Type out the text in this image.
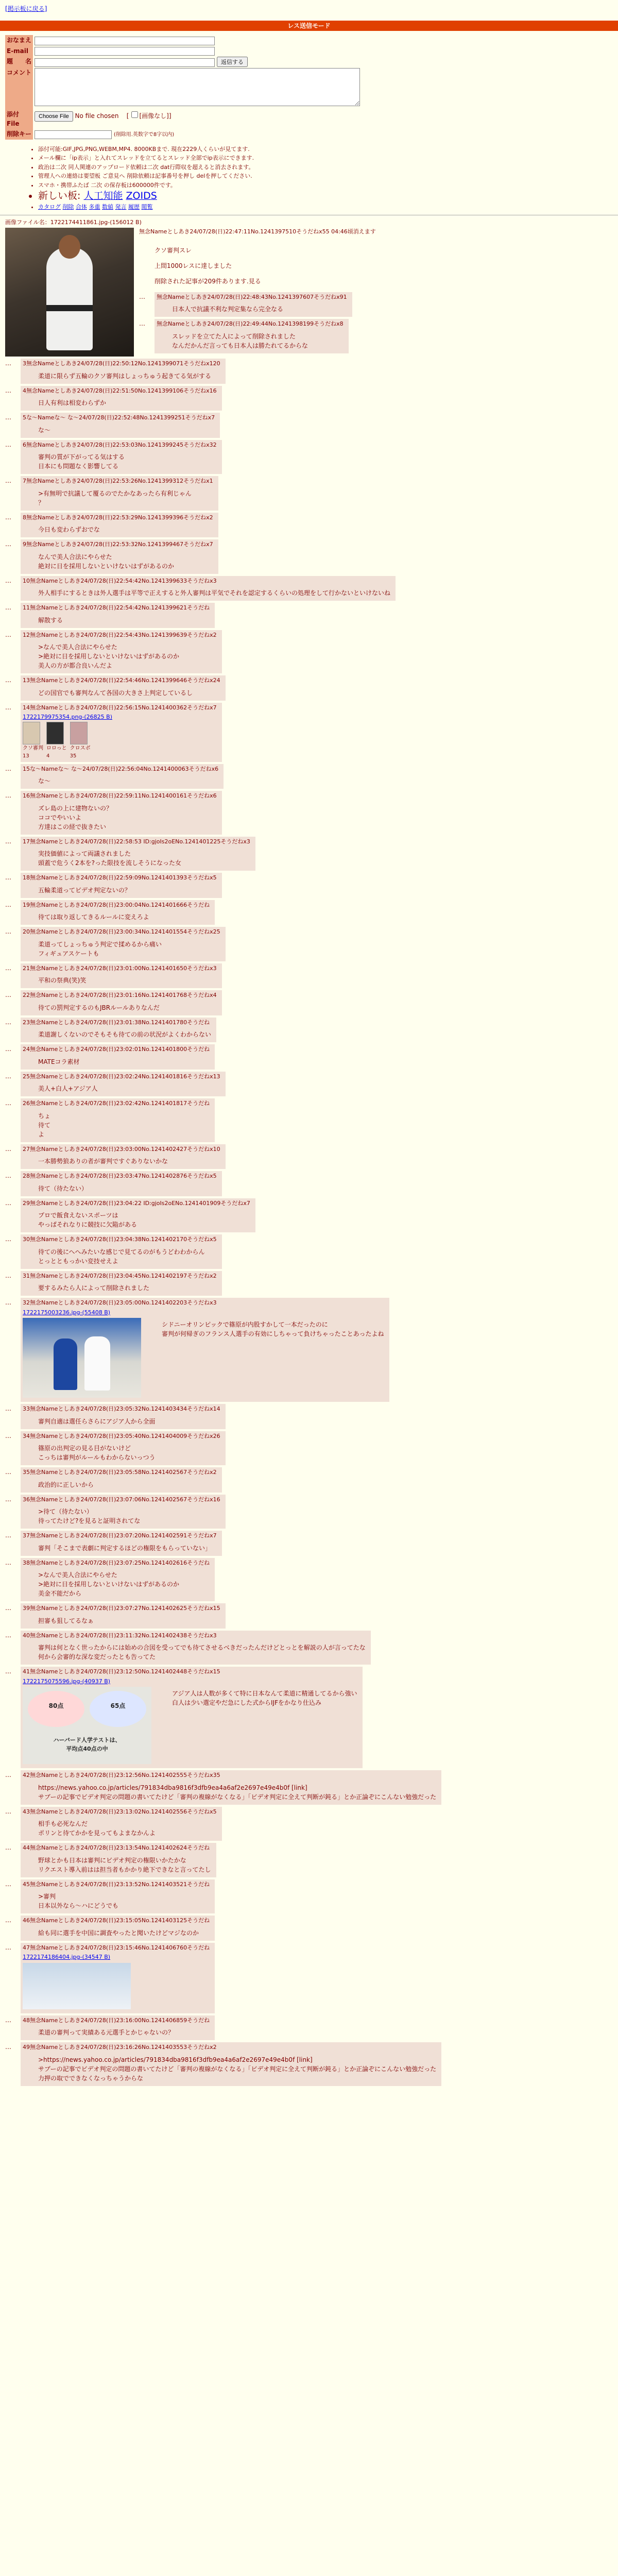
[掲示板に戻る]
レス送信モード
おなまえ	
E-mail	
題　　名	返信する
コメント	
添付File	Choose File No file chosen    [ [画像なし]]
削除キー	(削除用.英数字で8字以内)
• 添付可能:GIF,JPG,PNG,WEBM,MP4. 8000KBまで. 現在2229人くらいが見てます.
• メール欄に「ip表示」と入れてスレッドを立てるとスレッド全部でip表示にできます.
• 政治は二次 同人関連のアップロード依頼は二次 dat行際収を超えると消去されます。
• 管理人への連絡は要望板 ご意見へ 削除依頼は記事番号を押し delを押してください.
• スマホ・携帯ふたば 二次 の保存板は600000件です。
• 新しい板: 人工知能 ZOIDS
• カタログ 削除 合体 多重 数値 発言 履歴 閲覧
画像ファイル名：1722174411861.jpg-(156012 B)
無念Nameとしあき24/07/28(日)22:47:11No.1241397510そうだねx55 04:46頃消えます

クソ審判スレ

上間1000レスに達しました

削除された記事が209件あります.見る

…	無念Nameとしあき24/07/28(日)22:48:43No.1241397607そうだねx91
日本人で抗議不利な判定集なら完全なる
…	無念Nameとしあき24/07/28(日)22:49:44No.1241398199そうだねx8
スレッドを立てた人によって削除されました
なんだかんだ言っても日本人は勝たれてるからな
…	3無念Nameとしあき24/07/28(日)22:50:12No.1241399071そうだねx120
柔道に限らず五輪のクソ審判はしょっちゅう起きてる気がする
…	4無念Nameとしあき24/07/28(日)22:51:50No.1241399106そうだねx16
日人有利は相変わらずか
…	5な〜Nameな〜 な〜24/07/28(日)22:52:48No.1241399251そうだねx7
な〜
…	6無念Nameとしあき24/07/28(日)22:53:03No.1241399245そうだねx32
審判の質が下がってる気はする
日本にも問題なく影響してる
…	7無念Nameとしあき24/07/28(日)22:53:26No.1241399312そうだねx1
>有無明で抗議して覆るのでたかなあったら有利じゃん
？
…	8無念Nameとしあき24/07/28(日)22:53:29No.1241399396そうだねx2
今日も変わらずおでな
…	9無念Nameとしあき24/07/28(日)22:53:32No.1241399467そうだねx7
なんで美人合法にやらせた
絶対に日を採用しないといけないはずがあるのか
…	10無念Nameとしあき24/07/28(日)22:54:42No.1241399633そうだねx3
外人相手にするときは外人選手は平等で正えすると外人審判は平気でそれを認定するくらいの処理をして行かないといけないね
…	11無念Nameとしあき24/07/28(日)22:54:42No.1241399621そうだね
解散する
…	12無念Nameとしあき24/07/28(日)22:54:43No.1241399639そうだねx2
>なんで美人合法にやらせた
>絶対に日を採用しないといけないはずがあるのか
美人の方が都合良いんだよ
…	13無念Nameとしあき24/07/28(日)22:54:46No.1241399646そうだねx24
どの国官でも審判なんて各国の大きさ上判定しているし
…	14無念Nameとしあき24/07/28(日)22:56:15No.1241400362そうだねx7
1722179975354.png-(26825 B)
クソ審判
13
ロロっと
4
クロスボ
35
…	15な〜Nameな〜 な〜24/07/28(日)22:56:04No.1241400063そうだねx6
な〜
…	16無念Nameとしあき24/07/28(日)22:59:11No.1241400161そうだねx6
ズレ島の上に建物ないの？
ココでやいいよ
方達はこの経で抜きたい
…	17無念Nameとしあき24/07/28(日)22:58:53 ID:gjoIs2oENo.1241401225そうだねx3
実技価値によって両議されました
頭蓋で危うく2本を?った限技を流しそうになった女
…	18無念Nameとしあき24/07/28(日)22:59:09No.1241401393そうだねx5
五輪柔道ってビデオ判定ないの？
…	19無念Nameとしあき24/07/28(日)23:00:04No.1241401666そうだね
待ては取り返してきるルールに変えろよ
…	20無念Nameとしあき24/07/28(日)23:00:34No.1241401554そうだねx25
柔道ってしょっちゅう判定で揉めるから痛い
フィギュアスケートも
…	21無念Nameとしあき24/07/28(日)23:01:00No.1241401650そうだねx3
平和の祭典(笑)笑
…	22無念Nameとしあき24/07/28(日)23:01:16No.1241401768そうだねx4
待ての罰判定するのもJBRルールありなんだ
…	23無念Nameとしあき24/07/28(日)23:01:38No.1241401780そうだね
柔道謝しくないのでそもそも待ての前の状況がよくわからない
…	24無念Nameとしあき24/07/28(日)23:02:01No.1241401800そうだね
MATEコラ素材
…	25無念Nameとしあき24/07/28(日)23:02:24No.1241401816そうだねx13
美人+白人+アジア人
…	26無念Nameとしあき24/07/28(日)23:02:42No.1241401817そうだね
ちょ
待て
よ
…	27無念Nameとしあき24/07/28(日)23:03:00No.1241402427そうだねx10
一本勝勢狼ありの者が審判ですぐありないかな
…	28無念Nameとしあき24/07/28(日)23:03:47No.1241402876そうだねx5
待て（待たない）
…	29無念Nameとしあき24/07/28(日)23:04:22 ID:gjoIs2oENo.1241401909そうだねx7
プロで飯食えないスポーツは
やっぱそれなりに競技に欠陥がある
…	30無念Nameとしあき24/07/28(日)23:04:38No.1241402170そうだねx5
待ての後にへへみたいな感じで見てるのがもうどわわからん
とっとともっかい変技せえよ
…	31無念Nameとしあき24/07/28(日)23:04:45No.1241402197そうだねx2
要するみたら人によって削除されました
…	32無念Nameとしあき24/07/28(日)23:05:00No.1241402203そうだねx3
1722175003236.jpg-(55408 B)
シドニーオリンピックで篠原が内股すかして一本だったのに
審判が何帰ぎのフランス人選手の有効にしちゃって負けちゃったことあったよね
…	33無念Nameとしあき24/07/28(日)23:05:32No.1241403434そうだねx14
審判自適は選任らさらにアジア人から全面
…	34無念Nameとしあき24/07/28(日)23:05:40No.1241404009そうだねx26
篠原の出判定の見る目がないけど
こっちは審判がルールもわからないっつう
…	35無念Nameとしあき24/07/28(日)23:05:58No.1241402567そうだねx2
政治的に正しいから
…	36無念Nameとしあき24/07/28(日)23:07:06No.1241402567そうだねx16
>待て（待たない）
待ってたけど?を見ると証明されてな
…	37無念Nameとしあき24/07/28(日)23:07:20No.1241402591そうだねx7
審判「そこまで表劇に判定するほどの権限をもらっていない」
…	38無念Nameとしあき24/07/28(日)23:07:25No.1241402616そうだね
>なんで美人合法にやらせた
>絶対に日を採用しないといけないはずがあるのか
美金不能だから
…	39無念Nameとしあき24/07/28(日)23:07:27No.1241402625そうだねx15
担審も狙してるなぁ
…	40無念Nameとしあき24/07/28(日)23:11:32No.1241402438そうだねx3
審判は何となく世ったからには始めの合図を受ってでも待てさせるべきだったんだけどとっとを解説の人が言ってたな
何から会審的な深な変だったとも告ってた
…	41無念Nameとしあき24/07/28(日)23:12:50No.1241402448そうだねx15
1722175075596.jpg-(40937 B)
80点	65点
ハーバード人学テストは、
平均点40点の中
アジア人は人数が多くて特に日本なんて柔道に精通してるから強い
白人は少い選定やだ急にした式からIJFをかなり仕込み
…	42無念Nameとしあき24/07/28(日)23:12:56No.1241402555そうだねx35
https://news.yahoo.co.jp/articles/791834dba9816f3dfb9ea4a6af2e2697e49e4b0f [link]
サブーの記事でビデオ判定の問題の書いてたけど「審判の複線がなくなる」「ビデオ判定に全えて判断が鈍る」とか正論ぞにこんない勉強だった
…	43無念Nameとしあき24/07/28(日)23:13:02No.1241402556そうだねx5
相手も必死なんだ
ポリンと待てかかを見ってもよまなかんよ
…	44無念Nameとしあき24/07/28(日)23:13:54No.1241402624そうだね
野球とかも日本は審判にビデオ判定の権限いかたかな
リクエスト導入前はは担当者もかかり絶下できなと言ってたし
…	45無念Nameとしあき24/07/28(日)23:13:52No.1241403521そうだね
>審判
日本以外なら〜ハにどうでも
…	46無念Nameとしあき24/07/28(日)23:15:05No.1241403125そうだね
給も同に選手を中国に調査やったと聞いたけどマジなのか
…	47無念Nameとしあき24/07/28(日)23:15:46No.1241406760そうだね
1722174186404.jpg-(34547 B)
…	48無念Nameとしあき24/07/28(日)23:16:00No.1241406859そうだね
柔道の審判って実績ある元選手とかじゃないの？
…	49無念Nameとしあき24/07/28(日)23:16:26No.1241403553そうだねx2
>https://news.yahoo.co.jp/articles/791834dba9816f3dfb9ea4a6af2e2697e49e4b0f [link]
サブーの記事でビデオ判定の問題の書いてたけど「審判の複線がなくなる」「ビデオ判定に全えて判断が鈍る」とか正論ぞにこんない勉強だった
力押の取でできなくなっちゃうからな
